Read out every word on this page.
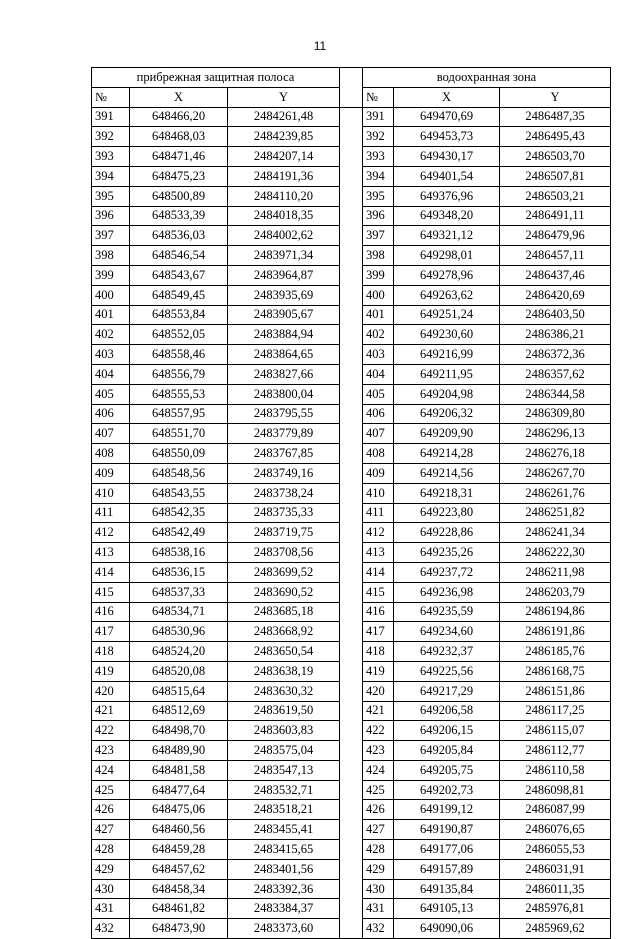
11
прибрежная защитная полоса				водоохранная зона		
№	X	Y		№	X	Y
391	648466,20	2484261,48		391	649470,69	2486487,35
392	648468,03	2484239,85		392	649453,73	2486495,43
393	648471,46	2484207,14		393	649430,17	2486503,70
394	648475,23	2484191,36		394	649401,54	2486507,81
395	648500,89	2484110,20		395	649376,96	2486503,21
396	648533,39	2484018,35		396	649348,20	2486491,11
397	648536,03	2484002,62		397	649321,12	2486479,96
398	648546,54	2483971,34		398	649298,01	2486457,11
399	648543,67	2483964,87		399	649278,96	2486437,46
400	648549,45	2483935,69		400	649263,62	2486420,69
401	648553,84	2483905,67		401	649251,24	2486403,50
402	648552,05	2483884,94		402	649230,60	2486386,21
403	648558,46	2483864,65		403	649216,99	2486372,36
404	648556,79	2483827,66		404	649211,95	2486357,62
405	648555,53	2483800,04		405	649204,98	2486344,58
406	648557,95	2483795,55		406	649206,32	2486309,80
407	648551,70	2483779,89		407	649209,90	2486296,13
408	648550,09	2483767,85		408	649214,28	2486276,18
409	648548,56	2483749,16		409	649214,56	2486267,70
410	648543,55	2483738,24		410	649218,31	2486261,76
411	648542,35	2483735,33		411	649223,80	2486251,82
412	648542,49	2483719,75		412	649228,86	2486241,34
413	648538,16	2483708,56		413	649235,26	2486222,30
414	648536,15	2483699,52		414	649237,72	2486211,98
415	648537,33	2483690,52		415	649236,98	2486203,79
416	648534,71	2483685,18		416	649235,59	2486194,86
417	648530,96	2483668,92		417	649234,60	2486191,86
418	648524,20	2483650,54		418	649232,37	2486185,76
419	648520,08	2483638,19		419	649225,56	2486168,75
420	648515,64	2483630,32		420	649217,29	2486151,86
421	648512,69	2483619,50		421	649206,58	2486117,25
422	648498,70	2483603,83		422	649206,15	2486115,07
423	648489,90	2483575,04		423	649205,84	2486112,77
424	648481,58	2483547,13		424	649205,75	2486110,58
425	648477,64	2483532,71		425	649202,73	2486098,81
426	648475,06	2483518,21		426	649199,12	2486087,99
427	648460,56	2483455,41		427	649190,87	2486076,65
428	648459,28	2483415,65		428	649177,06	2486055,53
429	648457,62	2483401,56		429	649157,89	2486031,91
430	648458,34	2483392,36		430	649135,84	2486011,35
431	648461,82	2483384,37		431	649105,13	2485976,81
432	648473,90	2483373,60		432	649090,06	2485969,62
